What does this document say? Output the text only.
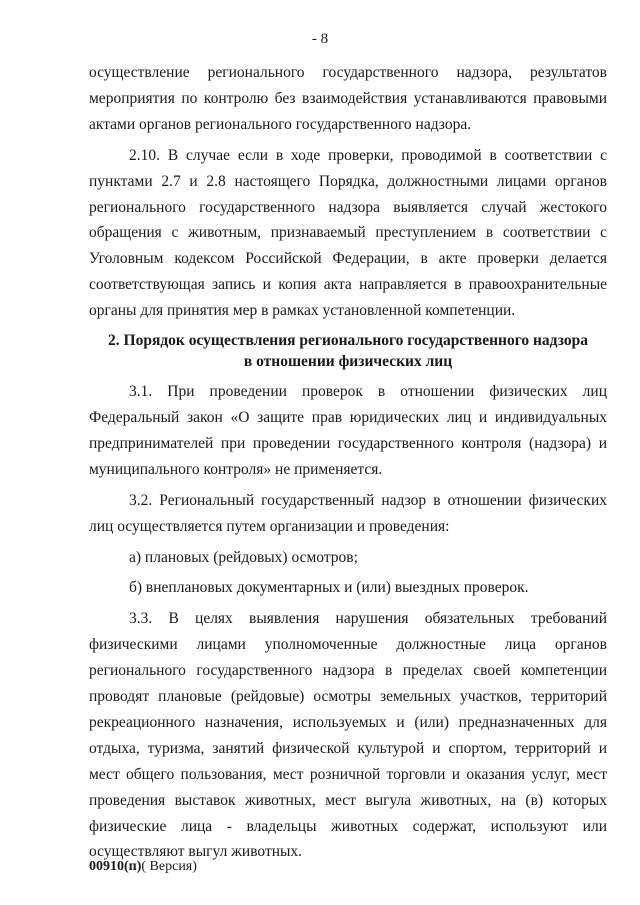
- 8

осуществление регионального государственного надзора, результатов мероприятия по контролю без взаимодействия устанавливаются правовыми актами органов регионального государственного надзора.

2.10. В случае если в ходе проверки, проводимой в соответствии с пунктами 2.7 и 2.8 настоящего Порядка, должностными лицами органов регионального государственного надзора выявляется случай жестокого обращения с животным, признаваемый преступлением в соответствии с Уголовным кодексом Российской Федерации, в акте проверки делается соответствующая запись и копия акта направляется в правоохранительные органы для принятия мер в рамках установленной компетенции.

2. Порядок осуществления регионального государственного надзора
в отношении физических лиц

3.1. При проведении проверок в отношении физических лиц Федеральный закон «О защите прав юридических лиц и индивидуальных предпринимателей при проведении государственного контроля (надзора) и муниципального контроля» не применяется.

3.2. Региональный государственный надзор в отношении физических лиц осуществляется путем организации и проведения:

а) плановых (рейдовых) осмотров;

б) внеплановых документарных и (или) выездных проверок.

3.3. В целях выявления нарушения обязательных требований физическими лицами уполномоченные должностные лица органов регионального государственного надзора в пределах своей компетенции проводят плановые (рейдовые) осмотры земельных участков, территорий рекреационного назначения, используемых и (или) предназначенных для отдыха, туризма, занятий физической культурой и спортом, территорий и мест общего пользования, мест розничной торговли и оказания услуг, мест проведения выставок животных, мест выгула животных, на (в) которых физические лица - владельцы животных содержат, используют или осуществляют выгул животных.

00910(п)( Версия)
